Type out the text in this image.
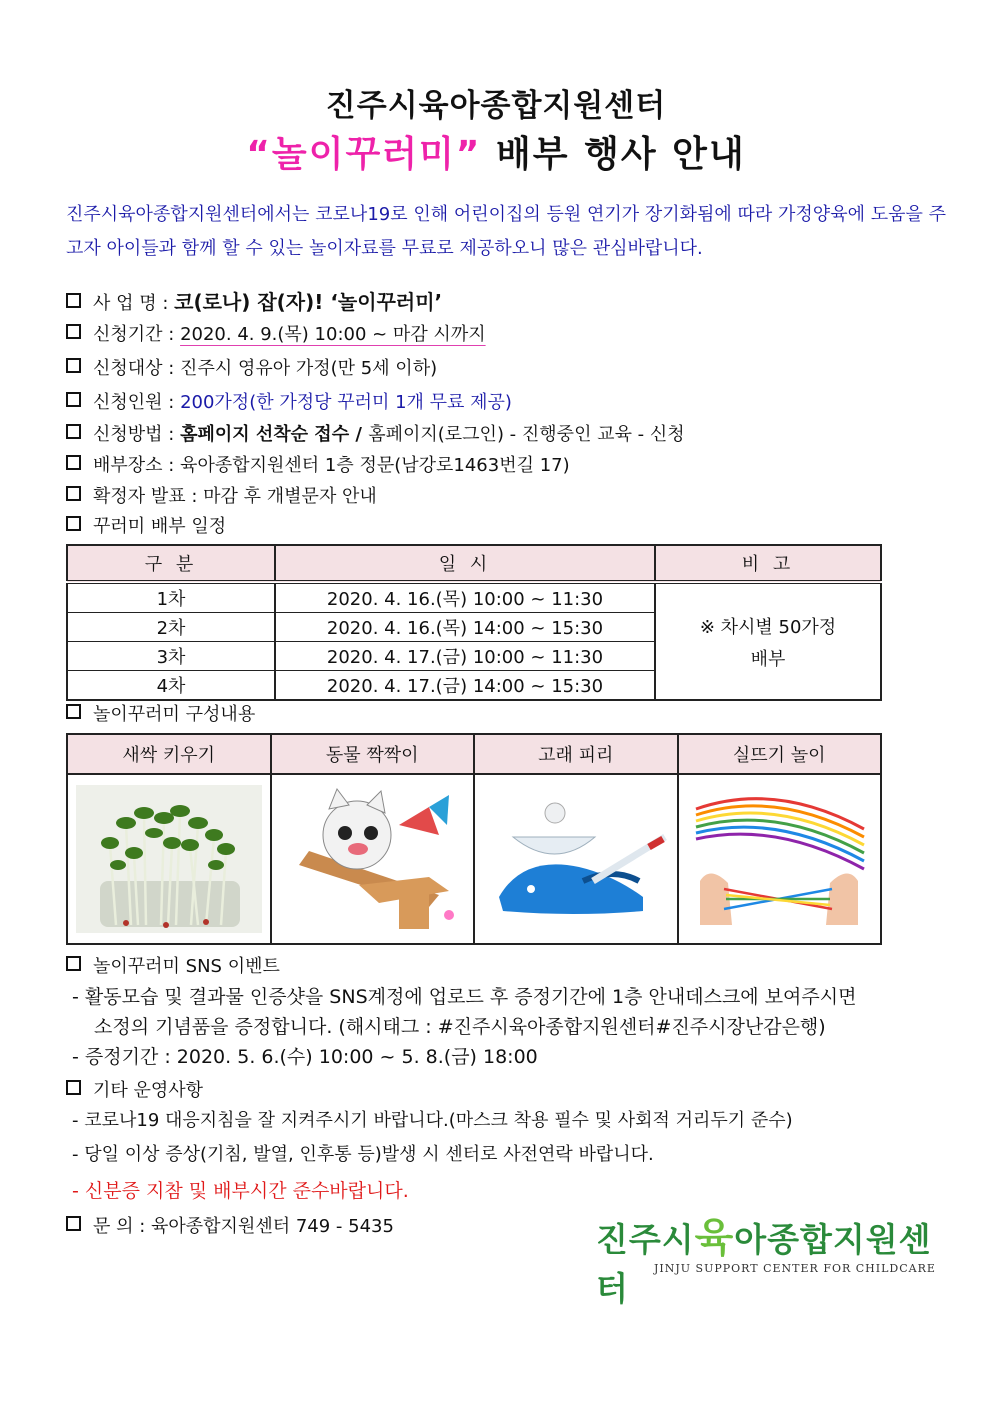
진주시육아종합지원센터
“놀이꾸러미” 배부 행사 안내
진주시육아종합지원센터에서는 코로나19로 인해 어린이집의 등원 연기가 장기화됨에 따라 가정양육에 도움을 주고자 아이들과 함께 할 수 있는 놀이자료를 무료로 제공하오니 많은 관심바랍니다.
사 업 명 : 코(로나) 잡(자)! ‘놀이꾸러미’
신청기간 : 2020. 4. 9.(목) 10:00 ~ 마감 시까지
신청대상 : 진주시 영유아 가정(만 5세 이하)
신청인원 : 200가정(한 가정당 꾸러미 1개 무료 제공)
신청방법 : 홈페이지 선착순 접수 / 홈페이지(로그인) - 진행중인 교육 - 신청
배부장소 : 육아종합지원센터 1층 정문(남강로1463번길 17)
확정자 발표 : 마감 후 개별문자 안내
꾸러미 배부 일정
구 분	일 시	비 고
1차	2020. 4. 16.(목) 10:00 ~ 11:30	※ 차시별 50가정
배부

2차	2020. 4. 16.(목) 14:00 ~ 15:30	
3차	2020. 4. 17.(금) 10:00 ~ 11:30	
4차	2020. 4. 17.(금) 14:00 ~ 15:30	
놀이꾸러미 구성내용
새싹 키우기	동물 짝짝이	고래 피리	실뜨기 놀이

놀이꾸러미 SNS 이벤트
- 활동모습 및 결과물 인증샷을 SNS계정에 업로드 후 증정기간에 1층 안내데스크에 보여주시면
소정의 기념품을 증정합니다. (해시태그 : #진주시육아종합지원센터#진주시장난감은행)
- 증정기간 : 2020. 5. 6.(수) 10:00 ~ 5. 8.(금) 18:00
기타 운영사항
- 코로나19 대응지침을 잘 지켜주시기 바랍니다.(마스크 착용 필수 및 사회적 거리두기 준수)
- 당일 이상 증상(기침, 발열, 인후통 등)발생 시 센터로 사전연락 바랍니다.
- 신분증 지참 및 배부시간 준수바랍니다.
문 의 : 육아종합지원센터 749 - 5435	진주시육아종합지원센터
JINJU SUPPORT CENTER FOR CHILDCARE
